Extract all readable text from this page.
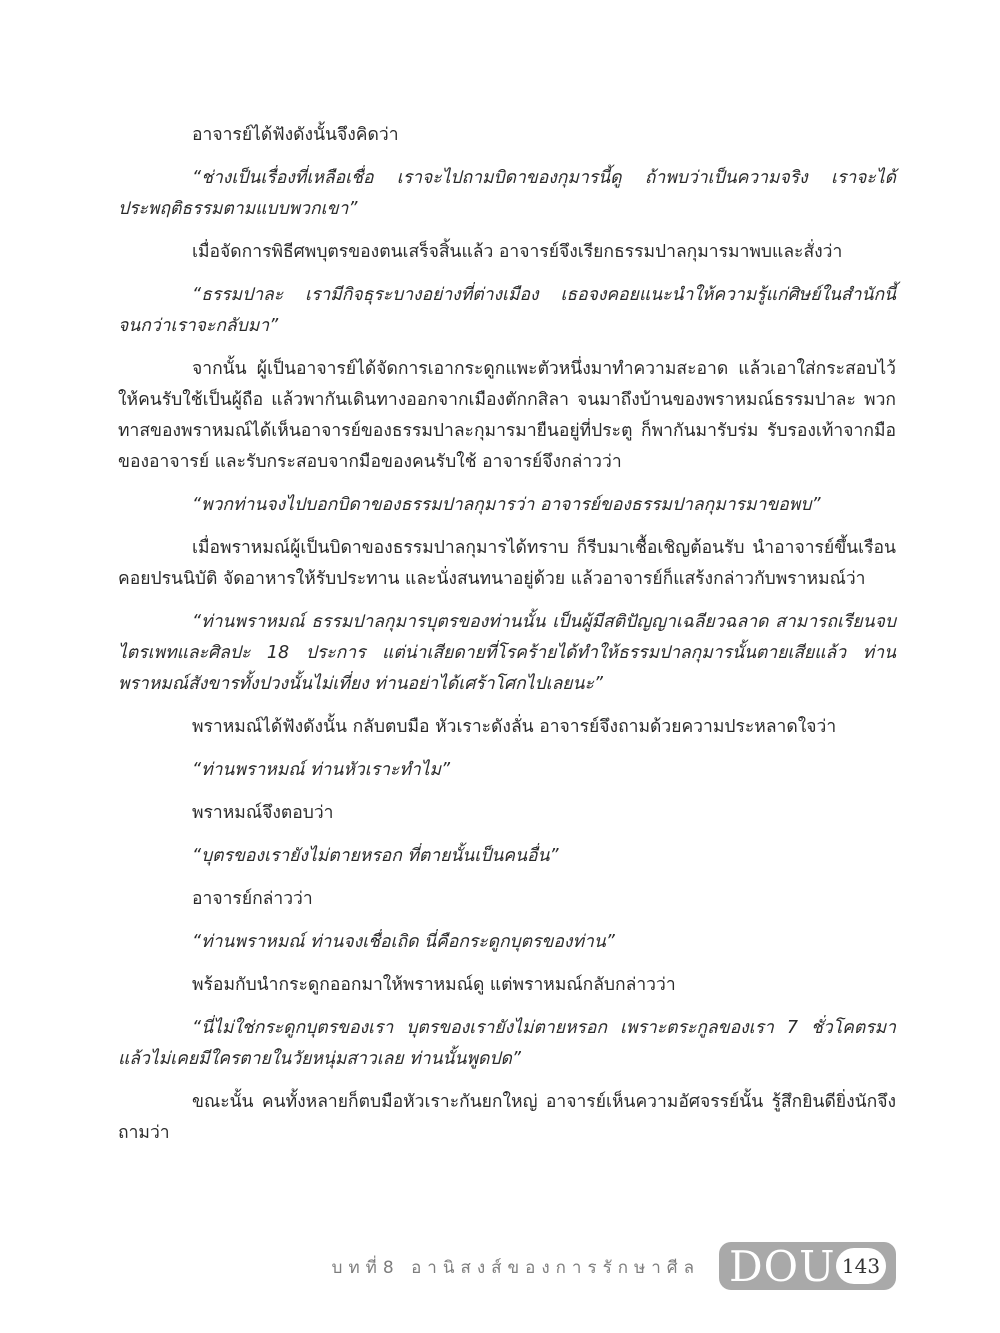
อาจารย์ได้ฟังดังนั้นจึงคิดว่า

“ช่างเป็นเรื่องที่เหลือเชื่อ เราจะไปถามบิดาของกุมารนี้ดู ถ้าพบว่าเป็นความจริง เราจะได้ประพฤติธรรมตามแบบพวกเขา”

เมื่อจัดการพิธีศพบุตรของตนเสร็จสิ้นแล้ว อาจารย์จึงเรียกธรรมปาลกุมารมาพบและสั่งว่า

“ธรรมปาละ เรามีกิจธุระบางอย่างที่ต่างเมือง เธอจงคอยแนะนำให้ความรู้แก่ศิษย์ในสำนักนี้จนกว่าเราจะกลับมา”

จากนั้น ผู้เป็นอาจารย์ได้จัดการเอากระดูกแพะตัวหนึ่งมาทำความสะอาด แล้วเอาใส่กระสอบไว้ให้คนรับใช้เป็นผู้ถือ แล้วพากันเดินทางออกจากเมืองตักกสิลา จนมาถึงบ้านของพราหมณ์ธรรมปาละ พวกทาสของพราหมณ์ได้เห็นอาจารย์ของธรรมปาละกุมารมายืนอยู่ที่ประตู ก็พากันมารับร่ม รับรองเท้าจากมือของอาจารย์ และรับกระสอบจากมือของคนรับใช้ อาจารย์จึงกล่าวว่า

“พวกท่านจงไปบอกบิดาของธรรมปาลกุมารว่า อาจารย์ของธรรมปาลกุมารมาขอพบ”

เมื่อพราหมณ์ผู้เป็นบิดาของธรรมปาลกุมารได้ทราบ ก็รีบมาเชื้อเชิญต้อนรับ นำอาจารย์ขึ้นเรือนคอยปรนนิบัติ จัดอาหารให้รับประทาน และนั่งสนทนาอยู่ด้วย แล้วอาจารย์ก็แสร้งกล่าวกับพราหมณ์ว่า

“ท่านพราหมณ์ ธรรมปาลกุมารบุตรของท่านนั้น เป็นผู้มีสติปัญญาเฉลียวฉลาด สามารถเรียนจบไตรเพทและศิลปะ 18 ประการ แต่น่าเสียดายที่โรคร้ายได้ทำให้ธรรมปาลกุมารนั้นตายเสียแล้ว ท่านพราหมณ์สังขารทั้งปวงนั้นไม่เที่ยง ท่านอย่าได้เศร้าโศกไปเลยนะ”

พราหมณ์ได้ฟังดังนั้น กลับตบมือ หัวเราะดังลั่น อาจารย์จึงถามด้วยความประหลาดใจว่า

“ท่านพราหมณ์ ท่านหัวเราะทำไม”

พราหมณ์จึงตอบว่า

“บุตรของเรายังไม่ตายหรอก ที่ตายนั้นเป็นคนอื่น”

อาจารย์กล่าวว่า

“ท่านพราหมณ์ ท่านจงเชื่อเถิด นี่คือกระดูกบุตรของท่าน”

พร้อมกับนำกระดูกออกมาให้พราหมณ์ดู แต่พราหมณ์กลับกล่าวว่า

“นี่ไม่ใช่กระดูกบุตรของเรา บุตรของเรายังไม่ตายหรอก เพราะตระกูลของเรา 7 ชั่วโคตรมาแล้วไม่เคยมีใครตายในวัยหนุ่มสาวเลย ท่านนั้นพูดปด”

ขณะนั้น คนทั้งหลายก็ตบมือหัวเราะกันยกใหญ่ อาจารย์เห็นความอัศจรรย์นั้น รู้สึกยินดียิ่งนักจึงถามว่า

บทที่8 อานิสงส์ของการรักษาศีล DOU 143
